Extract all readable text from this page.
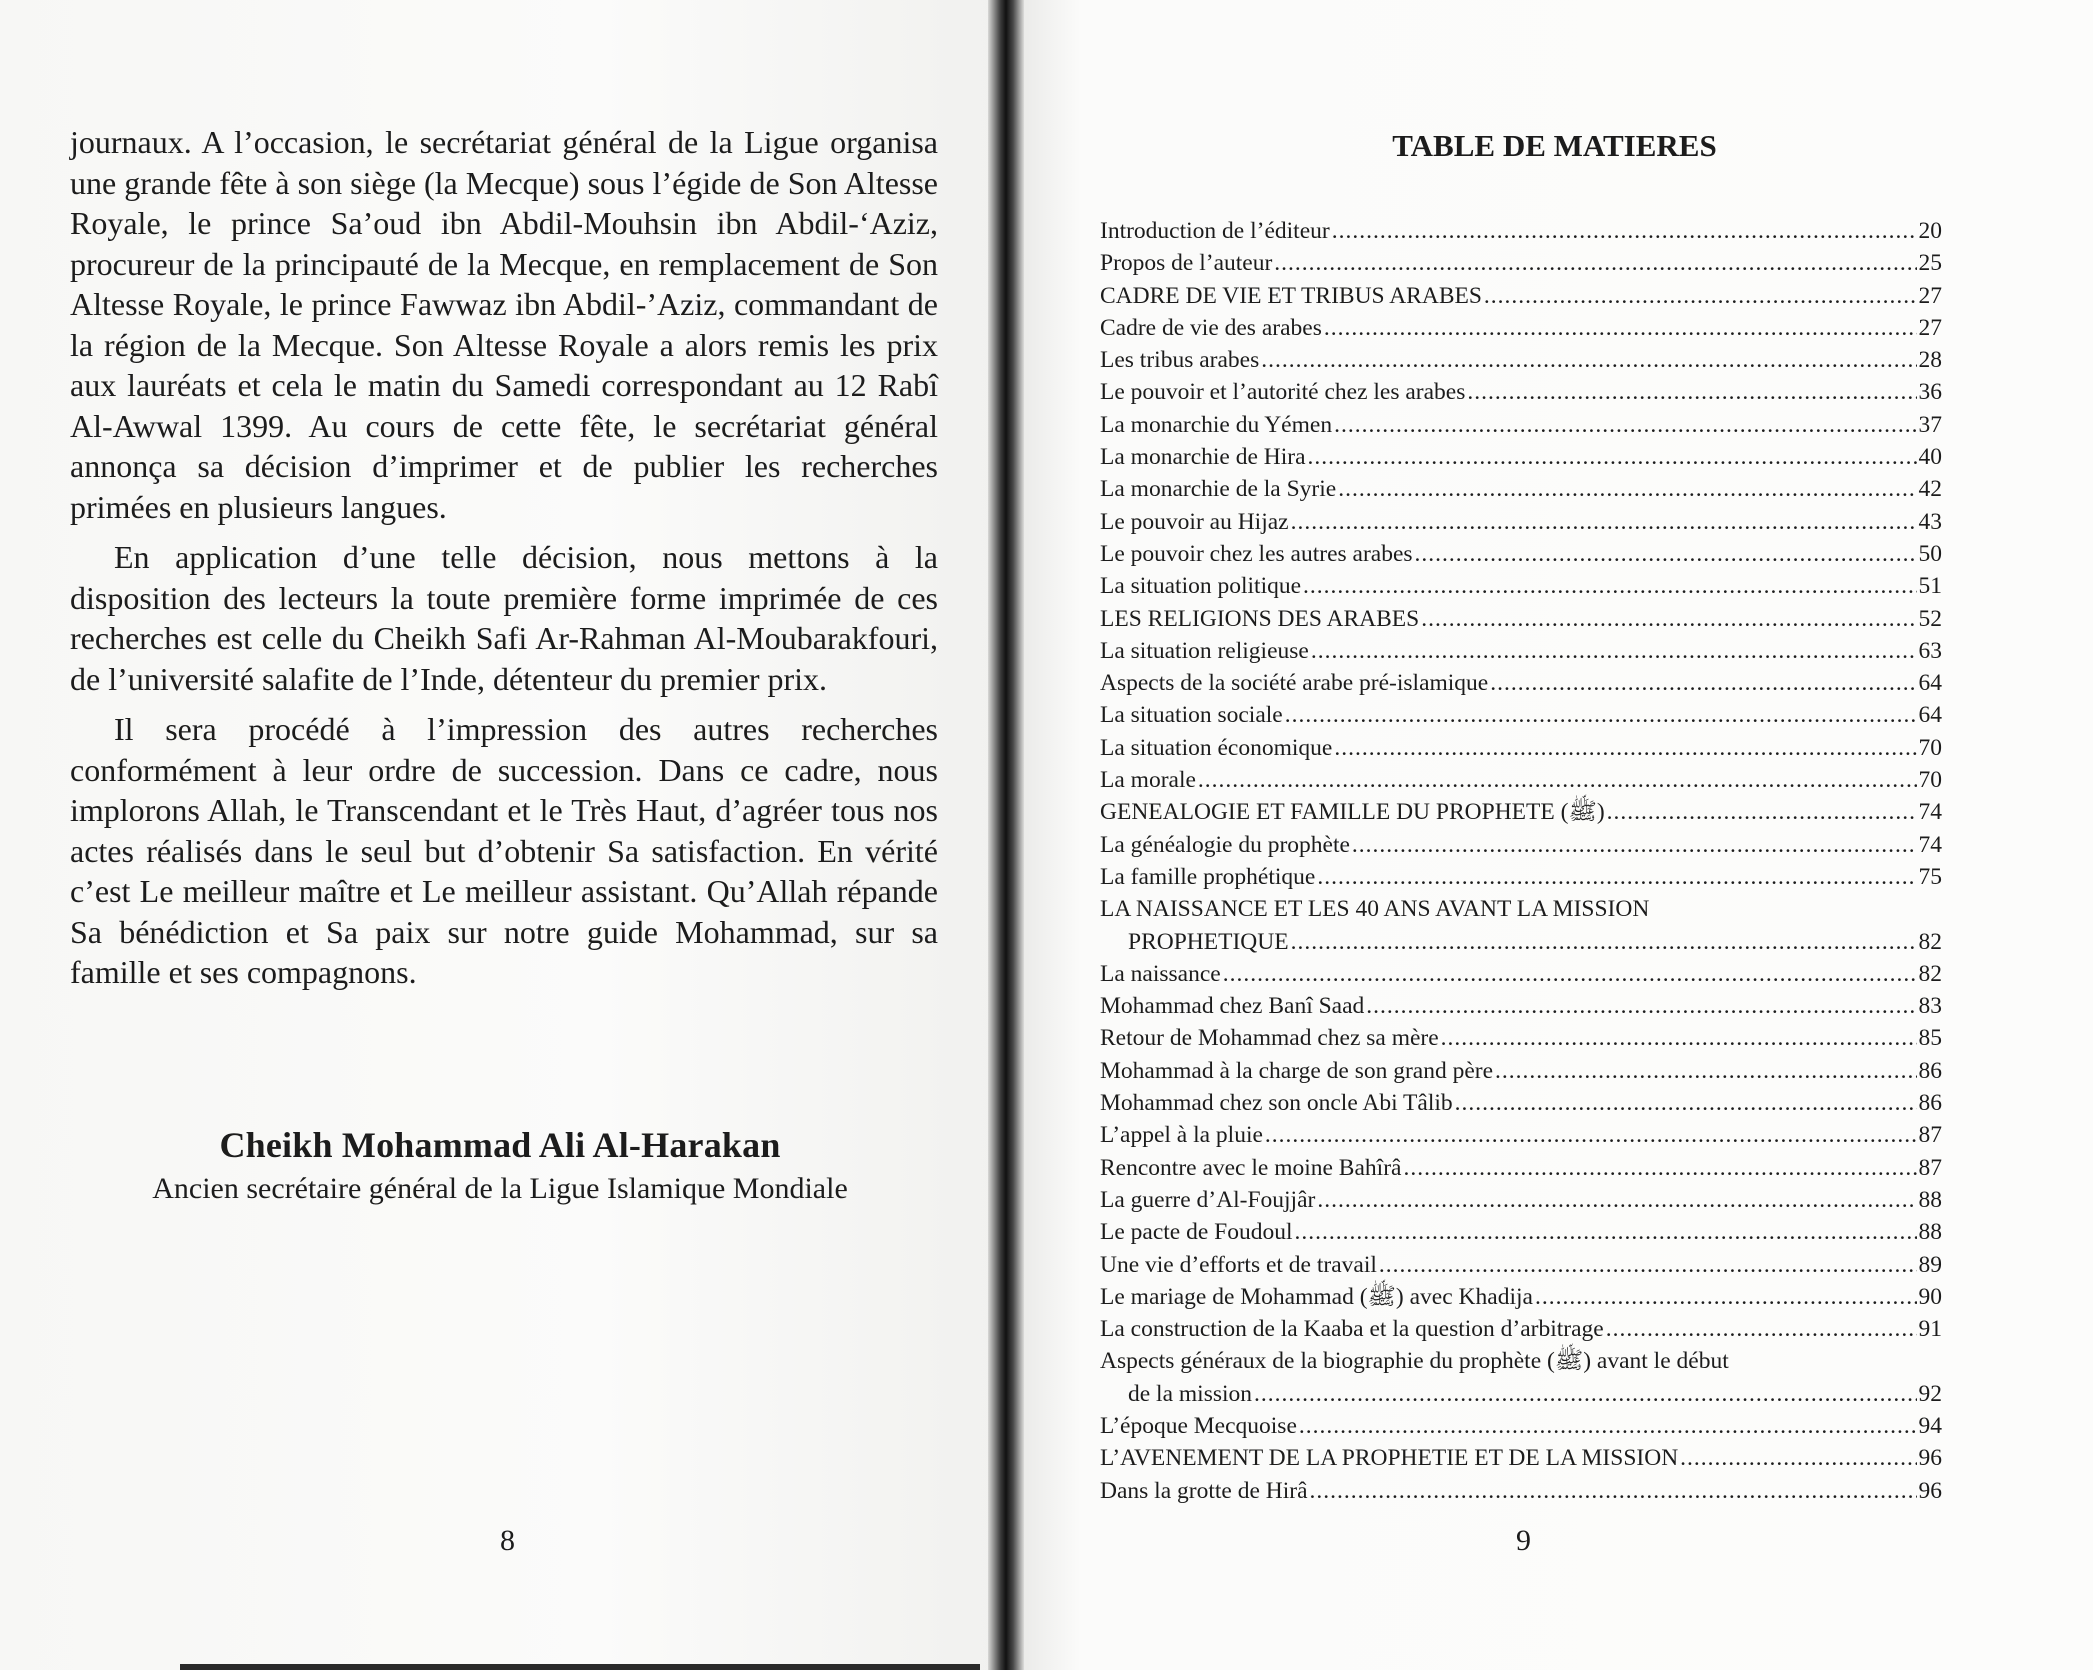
journaux. A l’occasion, le secrétariat général de la Ligue organisa une grande fête à son siège (la Mecque) sous l’égide de Son Altesse Royale, le prince Sa’oud ibn Abdil-Mouhsin ibn Abdil-‘Aziz, procureur de la principauté de la Mecque, en remplacement de Son Altesse Royale, le prince Fawwaz ibn Abdil-’Aziz, commandant de la région de la Mecque. Son Altesse Royale a alors remis les prix aux lauréats et cela le matin du Samedi correspondant au 12 Rabî Al-Awwal 1399. Au cours de cette fête, le secrétariat général annonça sa décision d’imprimer et de publier les recherches primées en plusieurs langues.

En application d’une telle décision, nous mettons à la disposition des lecteurs la toute première forme imprimée de ces recherches est celle du Cheikh Safi Ar-Rahman Al-Moubarakfouri, de l’université salafite de l’Inde, détenteur du premier prix.

Il sera procédé à l’impression des autres recherches conformément à leur ordre de succession. Dans ce cadre, nous implorons Allah, le Transcendant et le Très Haut, d’agréer tous nos actes réalisés dans le seul but d’obtenir Sa satisfaction. En vérité c’est Le meilleur maître et Le meilleur assistant. Qu’Allah répande Sa bénédiction et Sa paix sur notre guide Mohammad, sur sa famille et ses compagnons.

Cheikh Mohammad Ali Al-Harakan
Ancien secrétaire général de la Ligue Islamique Mondiale
8
TABLE DE MATIERES
Introduction de l’éditeur .....	20
Propos de l’auteur .....	25
CADRE DE VIE ET TRIBUS ARABES .....	27
Cadre de vie des arabes .....	27
Les tribus arabes .....	28
Le pouvoir et l’autorité chez les arabes .....	36
La monarchie du Yémen .....	37
La monarchie de Hira .....	40
La monarchie de la Syrie .....	42
Le pouvoir au Hijaz .....	43
Le pouvoir chez les autres arabes .....	50
La situation politique .....	51
LES RELIGIONS DES ARABES .....	52
La situation religieuse .....	63
Aspects de la société arabe pré-islamique .....	64
La situation sociale .....	64
La situation économique .....	70
La morale .....	70
GENEALOGIE ET FAMILLE DU PROPHETE (ﷺ) .....	74
La généalogie du prophète .....	74
La famille prophétique .....	75
LA NAISSANCE ET LES 40 ANS AVANT LA MISSION
PROPHETIQUE .....	82
La naissance .....	82
Mohammad chez Banî Saad .....	83
Retour de Mohammad chez sa mère .....	85
Mohammad à la charge de son grand père .....	86
Mohammad chez son oncle Abi Tâlib .....	86
L’appel à la pluie .....	87
Rencontre avec le moine Bahîrâ .....	87
La guerre d’Al-Foujjâr .....	88
Le pacte de Foudoul .....	88
Une vie d’efforts et de travail .....	89
Le mariage de Mohammad (ﷺ) avec Khadija .....	90
La construction de la Kaaba et la question d’arbitrage .....	91
Aspects généraux de la biographie du prophète (ﷺ) avant le début
de la mission .....	92
L’époque Mecquoise .....	94
L’AVENEMENT DE LA PROPHETIE ET DE LA MISSION .....	96
Dans la grotte de Hirâ .....	96
9
